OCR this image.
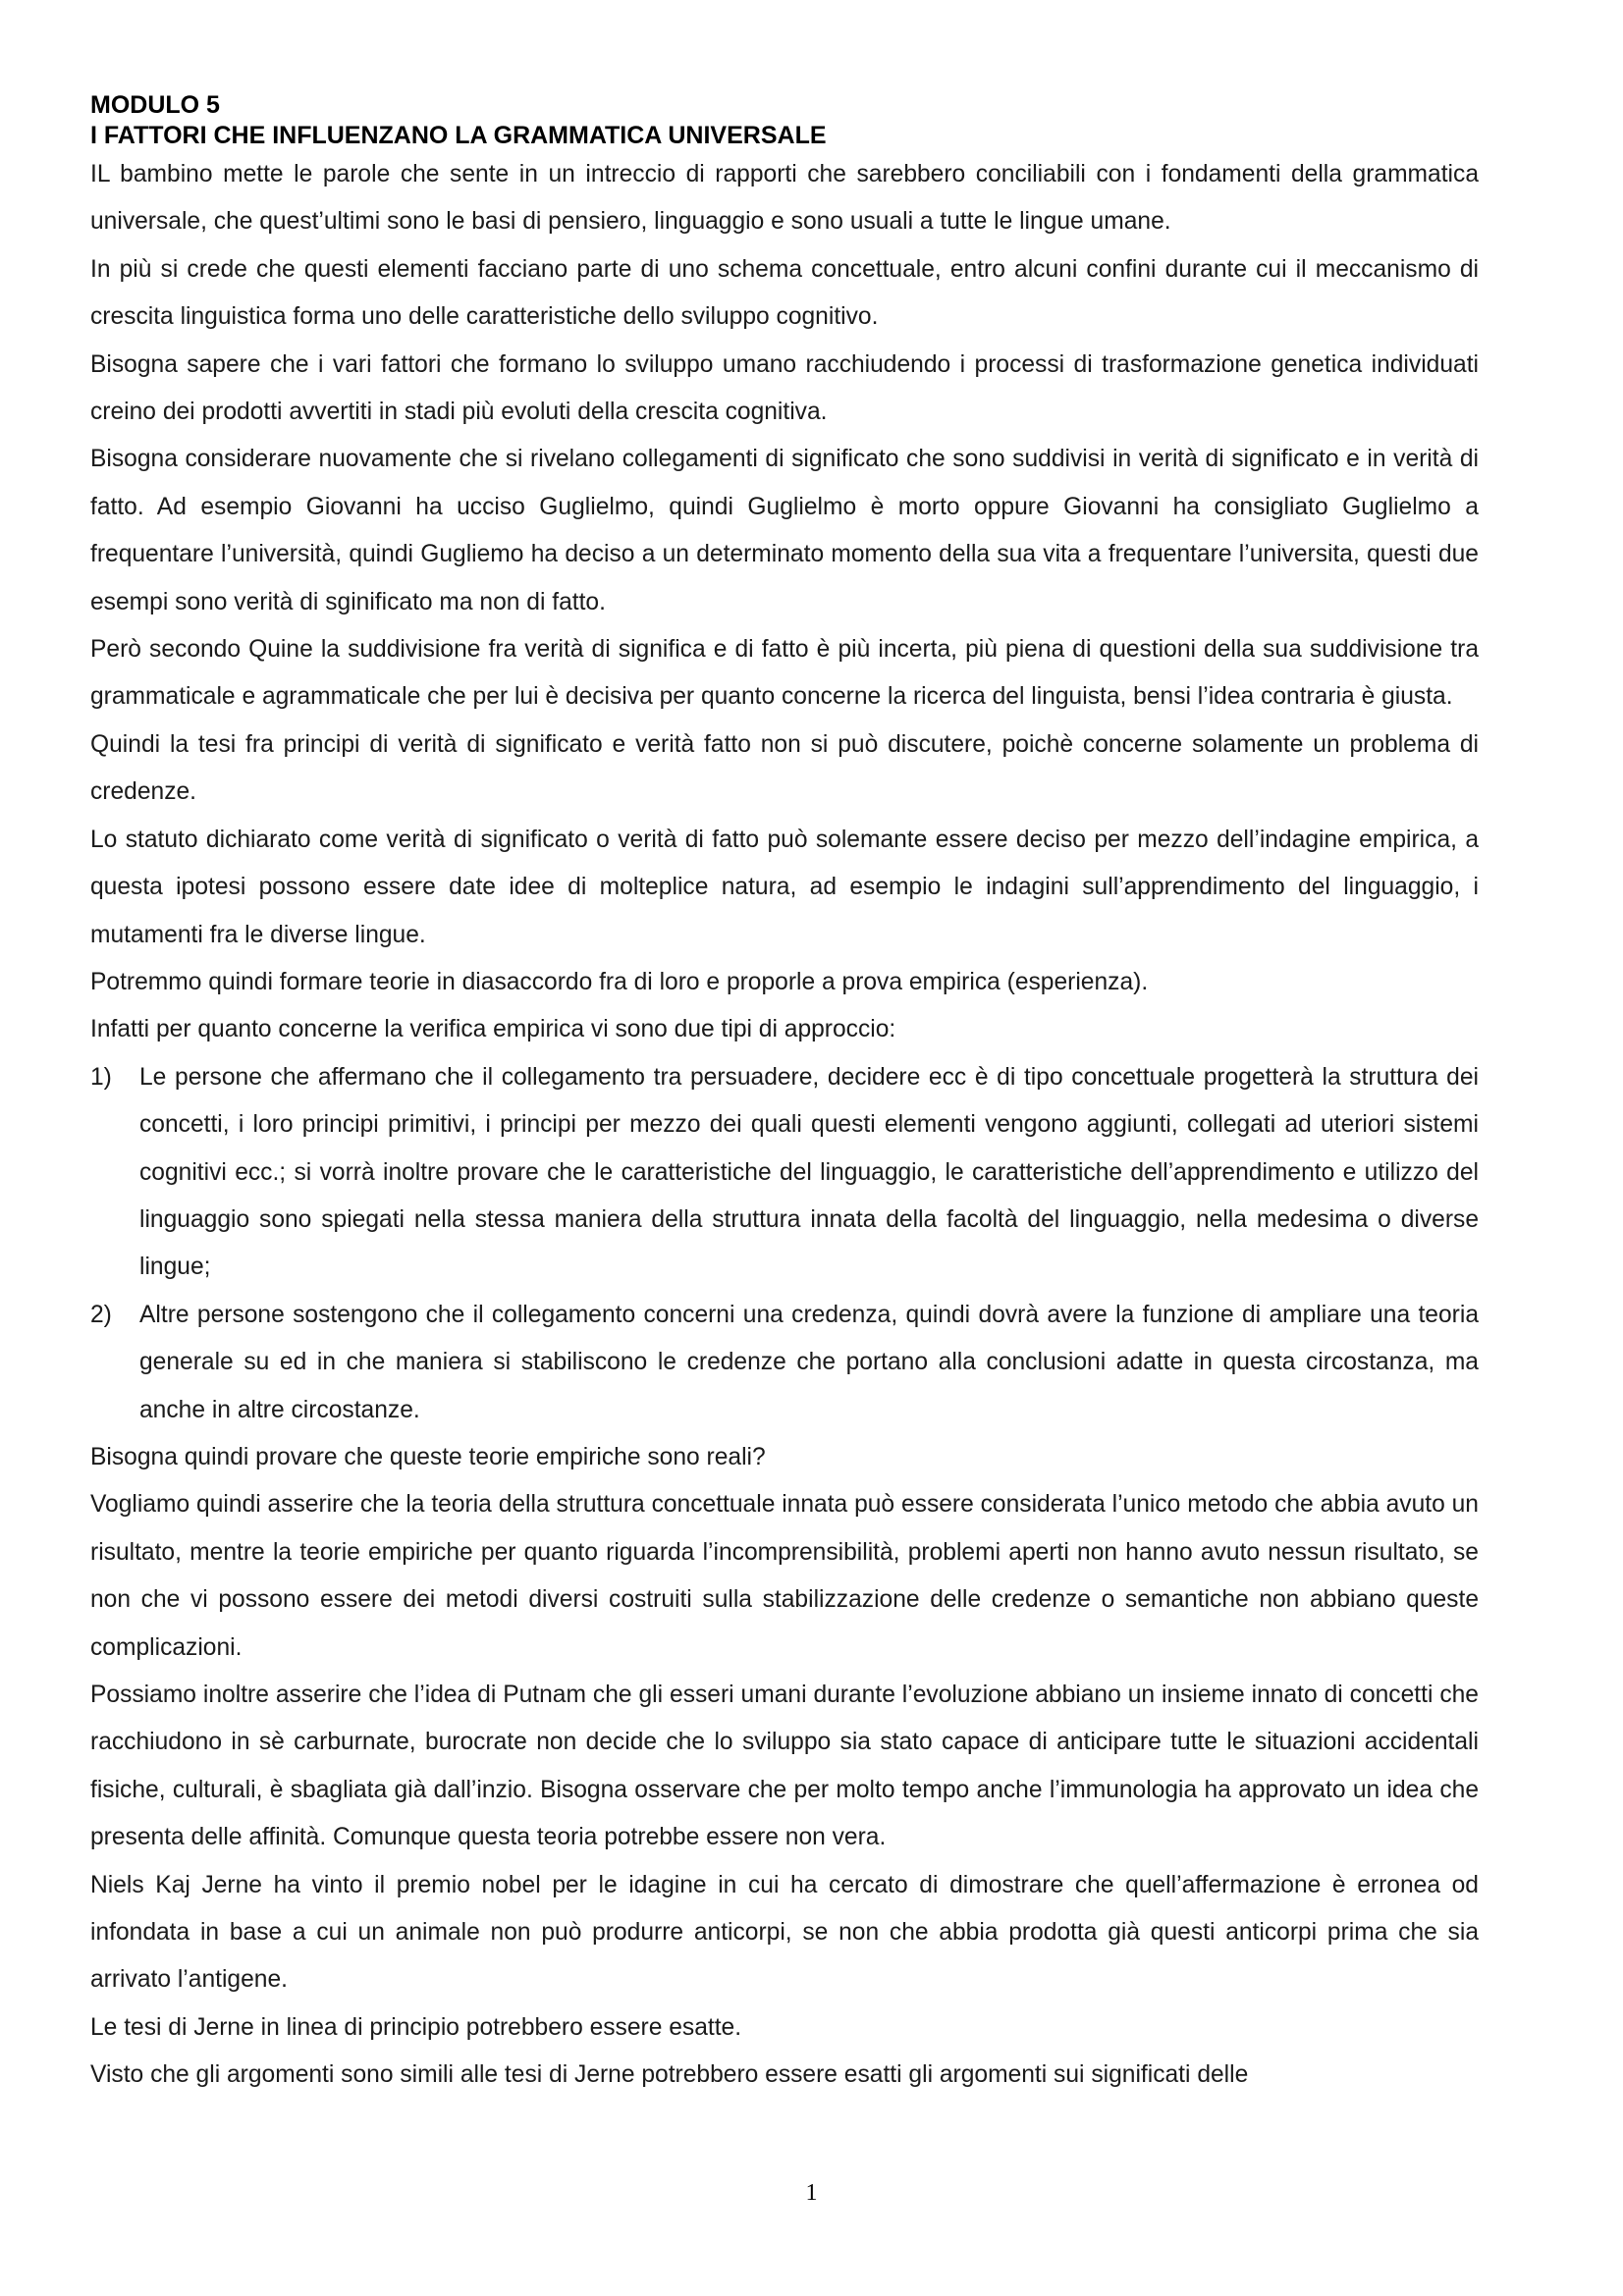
MODULO 5
I FATTORI CHE INFLUENZANO LA GRAMMATICA UNIVERSALE

IL bambino mette le parole che sente in un intreccio di rapporti che sarebbero conciliabili con i fondamenti della grammatica universale, che quest’ultimi sono le basi di pensiero, linguaggio e sono usuali a tutte le lingue umane.

In più si crede che questi elementi facciano parte di uno schema concettuale, entro alcuni confini durante cui il meccanismo di crescita linguistica forma uno delle caratteristiche dello sviluppo cognitivo.

Bisogna sapere che i vari fattori che formano lo sviluppo umano racchiudendo i processi di trasformazione genetica individuati creino dei prodotti avvertiti in stadi più evoluti della crescita cognitiva.

Bisogna considerare nuovamente che si rivelano collegamenti di significato che sono suddivisi in verità di significato e in verità di fatto. Ad esempio Giovanni ha ucciso Guglielmo, quindi Guglielmo è morto oppure Giovanni ha consigliato Guglielmo a frequentare l’università, quindi Gugliemo ha deciso a un determinato momento della sua vita a frequentare l’universita, questi due esempi sono verità di sginificato ma non di fatto.

Però secondo Quine la suddivisione fra verità di significa e di fatto è più incerta, più piena di questioni della sua suddivisione tra grammaticale e agrammaticale che per lui è decisiva per quanto concerne la ricerca del linguista, bensi l’idea contraria è giusta.

Quindi la tesi fra principi di verità di significato e verità fatto non si può discutere, poichè concerne solamente un problema di credenze.

Lo statuto dichiarato come verità di significato o verità di fatto può solemante essere deciso per mezzo dell’indagine empirica, a questa ipotesi possono essere date idee di molteplice natura, ad esempio le indagini sull’apprendimento del linguaggio, i mutamenti fra le diverse lingue.

Potremmo quindi formare teorie in diasaccordo fra di loro e proporle a prova empirica (esperienza).

Infatti per quanto concerne la verifica empirica vi sono due tipi di approccio:

1) Le persone che affermano che il collegamento tra persuadere, decidere ecc è di tipo concettuale progetterà la struttura dei concetti, i loro principi primitivi, i principi per mezzo dei quali questi elementi vengono aggiunti, collegati ad uteriori sistemi cognitivi ecc.; si vorrà inoltre provare che le caratteristiche del linguaggio, le caratteristiche dell’apprendimento e utilizzo del linguaggio sono spiegati nella stessa maniera della struttura innata della facoltà del linguaggio, nella medesima o diverse lingue;
2) Altre persone sostengono che il collegamento concerni una credenza, quindi dovrà avere la funzione di ampliare una teoria generale su ed in che maniera si stabiliscono le credenze che portano alla conclusioni adatte in questa circostanza, ma anche in altre circostanze.

Bisogna quindi provare che queste teorie empiriche sono reali?

Vogliamo quindi asserire che la teoria della struttura concettuale innata può essere considerata l’unico metodo che abbia avuto un risultato, mentre la teorie empiriche per quanto riguarda l’incomprensibilità, problemi aperti non hanno avuto nessun risultato, se non che vi possono essere dei metodi diversi costruiti sulla stabilizzazione delle credenze o semantiche non abbiano queste complicazioni.

Possiamo inoltre asserire che l’idea di Putnam che gli esseri umani durante l’evoluzione abbiano un insieme innato di concetti che racchiudono in sè carburnate, burocrate non decide che lo sviluppo sia stato capace di anticipare tutte le situazioni accidentali fisiche, culturali, è sbagliata già dall’inzio. Bisogna osservare che per molto tempo anche l’immunologia ha approvato un idea che presenta delle affinità. Comunque questa teoria potrebbe essere non vera.

Niels Kaj Jerne ha vinto il premio nobel per le idagine in cui ha cercato di dimostrare che quell’affermazione è erronea od infondata in base a cui un animale non può produrre anticorpi, se non che abbia prodotta già questi anticorpi prima che sia arrivato l’antigene.

Le tesi di Jerne in linea di principio potrebbero essere esatte.

Visto che gli argomenti sono simili alle tesi di Jerne potrebbero essere esatti gli argomenti sui significati delle

1
